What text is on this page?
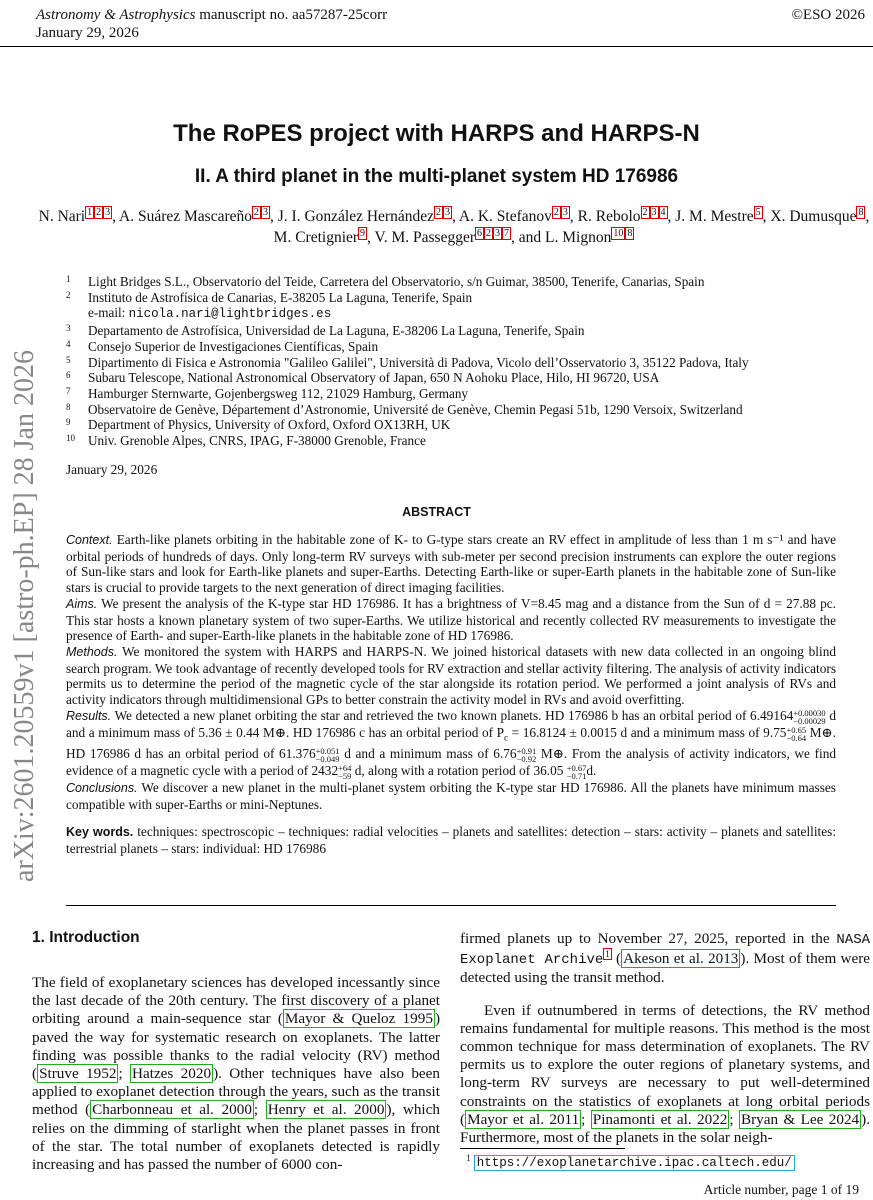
Astronomy & Astrophysics manuscript no. aa57287-25corr
January 29, 2026
©ESO 2026
arXiv:2601.20559v1 [astro-ph.EP] 28 Jan 2026
The RoPES project with HARPS and HARPS-N
II. A third planet in the multi-planet system HD 176986
N. Nari $^1$ $^2$ $^3$ , A. Suárez Mascareño $^2$ $^3$ , J. I. González Hernández $^2$ $^3$ , A. K. Stefanov $^2$ $^3$ , R. Rebolo $^2$ $^3$ $^4$ , J. M. Mestre $^5$ , X. Dumusque $^8$ , M. Cretignier $^9$ , V. M. Passegger $^6$ $^2$ $^3$ $^7$ , and L. Mignon $^{10}$ $^8$
1 Light Bridges S.L., Observatorio del Teide, Carretera del Observatorio, s/n Guimar, 38500, Tenerife, Canarias, Spain
2 Instituto de Astrofísica de Canarias, E-38205 La Laguna, Tenerife, Spain
e-mail: nicola.nari@lightbridges.es
3 Departamento de Astrofísica, Universidad de La Laguna, E-38206 La Laguna, Tenerife, Spain
4 Consejo Superior de Investigaciones Científicas, Spain
5 Dipartimento di Fisica e Astronomia "Galileo Galilei", Università di Padova, Vicolo dell’Osservatorio 3, 35122 Padova, Italy
6 Subaru Telescope, National Astronomical Observatory of Japan, 650 N Aohoku Place, Hilo, HI 96720, USA
7 Hamburger Sternwarte, Gojenbergsweg 112, 21029 Hamburg, Germany
8 Observatoire de Genève, Département d’Astronomie, Université de Genève, Chemin Pegasi 51b, 1290 Versoix, Switzerland
9 Department of Physics, University of Oxford, Oxford OX13RH, UK
10 Univ. Grenoble Alpes, CNRS, IPAG, F-38000 Grenoble, France
January 29, 2026
ABSTRACT

Context. Earth-like planets orbiting in the habitable zone of K- to G-type stars create an RV effect in amplitude of less than 1 m s⁻¹ and have orbital periods of hundreds of days. Only long-term RV surveys with sub-meter per second precision instruments can explore the outer regions of Sun-like stars and look for Earth-like planets and super-Earths. Detecting Earth-like or super-Earth planets in the habitable zone of Sun-like stars is crucial to provide targets to the next generation of direct imaging facilities.

Aims. We present the analysis of the K-type star HD 176986. It has a brightness of V=8.45 mag and a distance from the Sun of d = 27.88 pc. This star hosts a known planetary system of two super-Earths. We utilize historical and recently collected RV measurements to investigate the presence of Earth- and super-Earth-like planets in the habitable zone of HD 176986.

Methods. We monitored the system with HARPS and HARPS-N. We joined historical datasets with new data collected in an ongoing blind search program. We took advantage of recently developed tools for RV extraction and stellar activity filtering. The analysis of activity indicators permits us to determine the period of the magnetic cycle of the star alongside its rotation period. We performed a joint analysis of RVs and activity indicators through multidimensional GPs to better constrain the activity model in RVs and avoid overfitting.

Results. We detected a new planet orbiting the star and retrieved the two known planets. HD 176986 b has an orbital period of 6.49164+0.00030
−0.00029 d and a minimum mass of 5.36 ± 0.44 M⊕. HD 176986 c has an orbital period of $P_c = 16.8124 \pm 0.0015$ d and a minimum mass of 9.75+0.65
−0.64 M⊕. HD 176986 d has an orbital period of 61.376+0.051
−0.049 d and a minimum mass of 6.76+0.91
−0.92 M⊕. From the analysis of activity indicators, we find evidence of a magnetic cycle with a period of 2432+64
−59 d, along with a rotation period of 36.05 +0.67
−0.71d.

Conclusions. We discover a new planet in the multi-planet system orbiting the K-type star HD 176986. All the planets have minimum masses compatible with super-Earths or mini-Neptunes.

Key words. techniques: spectroscopic – techniques: radial velocities – planets and satellites: detection – stars: activity – planets and satellites: terrestrial planets – stars: individual: HD 176986

1. Introduction

The field of exoplanetary sciences has developed incessantly since the last decade of the 20th century. The first discovery of a planet orbiting around a main-sequence star ( Mayor & Queloz 1995 ) paved the way for systematic research on exoplanets. The latter finding was possible thanks to the radial velocity (RV) method ( Struve 1952 ; Hatzes 2020 ). Other techniques have also been applied to exoplanet detection through the years, such as the transit method ( Charbonneau et al. 2000 ; Henry et al. 2000 ), which relies on the dimming of starlight when the planet passes in front of the star. The total number of exoplanets detected is rapidly increasing and has passed the number of 6000 con-

firmed planets up to November 27, 2025, reported in the NASA Exoplanet Archive $^1$ ( Akeson et al. 2013 ). Most of them were detected using the transit method.

Even if outnumbered in terms of detections, the RV method remains fundamental for multiple reasons. This method is the most common technique for mass determination of exoplanets. The RV permits us to explore the outer regions of planetary systems, and long-term RV surveys are necessary to put well-determined constraints on the statistics of exoplanets at long orbital periods ( Mayor et al. 2011 ; Pinamonti et al. 2022 ; Bryan & Lee 2024 ). Furthermore, most of the planets in the solar neigh-

$^1$ https://exoplanetarchive.ipac.caltech.edu/
Article number, page 1 of 19
